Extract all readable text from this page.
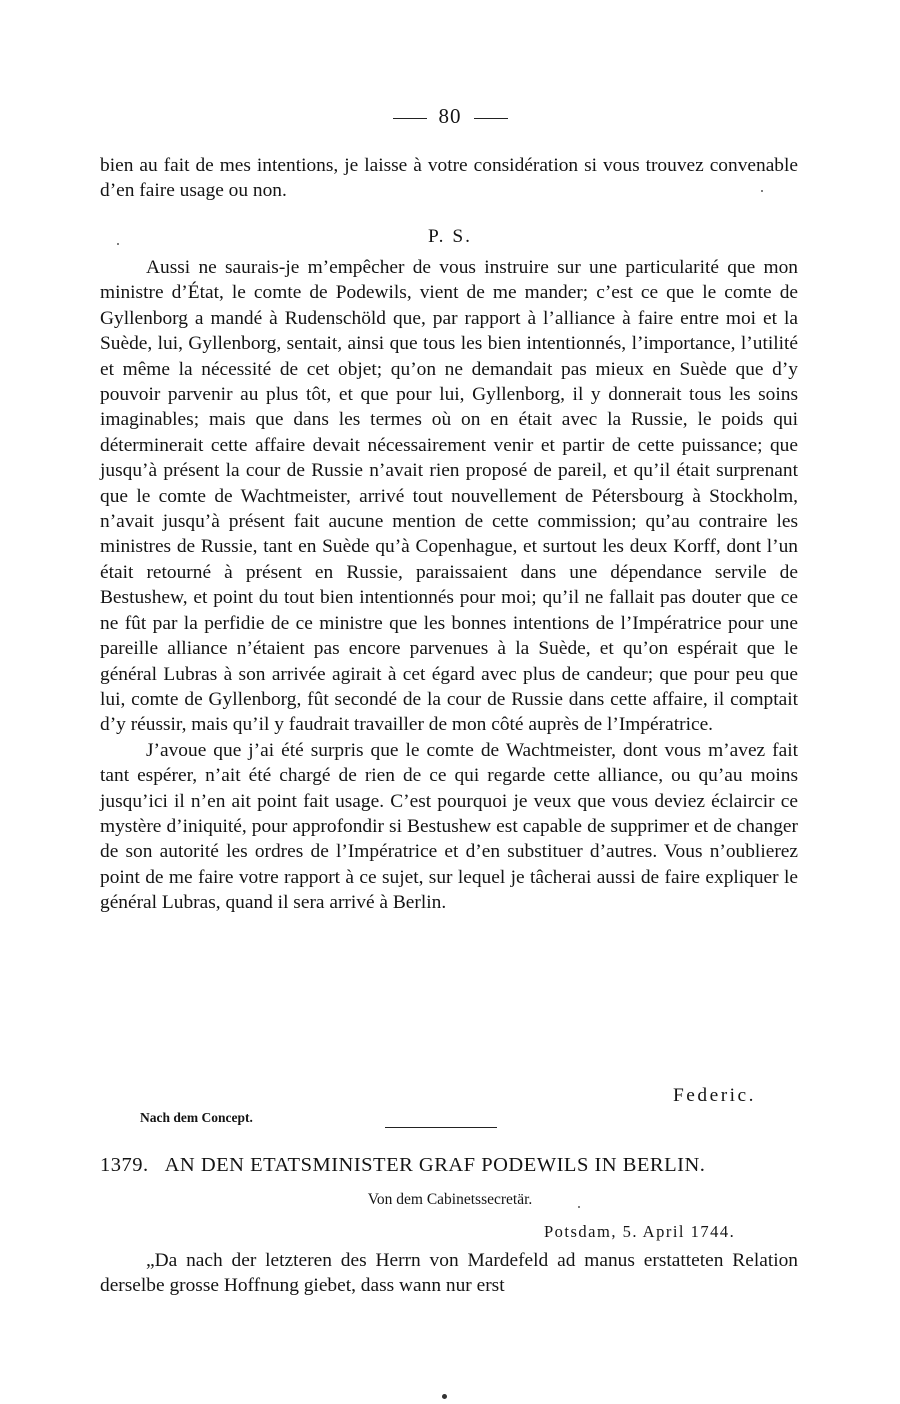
80

bien au fait de mes intentions, je laisse à votre considération si vous trouvez convenable d’en faire usage ou non.

P. S.

Aussi ne saurais-je m’empêcher de vous instruire sur une particularité que mon ministre d’État, le comte de Podewils, vient de me mander; c’est ce que le comte de Gyllenborg a mandé à Rudenschöld que, par rapport à l’alliance à faire entre moi et la Suède, lui, Gyllenborg, sentait, ainsi que tous les bien intentionnés, l’importance, l’utilité et même la nécessité de cet objet; qu’on ne demandait pas mieux en Suède que d’y pouvoir parvenir au plus tôt, et que pour lui, Gyllenborg, il y donnerait tous les soins imaginables; mais que dans les termes où on en était avec la Russie, le poids qui déterminerait cette affaire devait nécessairement venir et partir de cette puissance; que jusqu’à présent la cour de Russie n’avait rien proposé de pareil, et qu’il était surprenant que le comte de Wachtmeister, arrivé tout nouvellement de Pétersbourg à Stockholm, n’avait jusqu’à présent fait aucune mention de cette commission; qu’au contraire les ministres de Russie, tant en Suède qu’à Copenhague, et surtout les deux Korff, dont l’un était retourné à présent en Russie, paraissaient dans une dépendance servile de Bestushew, et point du tout bien intentionnés pour moi; qu’il ne fallait pas douter que ce ne fût par la perfidie de ce ministre que les bonnes intentions de l’Impératrice pour une pareille alliance n’étaient pas encore parvenues à la Suède, et qu’on espérait que le général Lubras à son arrivée agirait à cet égard avec plus de candeur; que pour peu que lui, comte de Gyllenborg, fût secondé de la cour de Russie dans cette affaire, il comptait d’y réussir, mais qu’il y faudrait travailler de mon côté auprès de l’Impératrice.

J’avoue que j’ai été surpris que le comte de Wachtmeister, dont vous m’avez fait tant espérer, n’ait été chargé de rien de ce qui regarde cette alliance, ou qu’au moins jusqu’ici il n’en ait point fait usage. C’est pourquoi je veux que vous deviez éclaircir ce mystère d’iniquité, pour approfondir si Bestushew est capable de supprimer et de changer de son autorité les ordres de l’Impératrice et d’en substituer d’autres. Vous n’oublierez point de me faire votre rapport à ce sujet, sur lequel je tâcherai aussi de faire expliquer le général Lubras, quand il sera arrivé à Berlin.

Federic.
Nach dem Concept.
1379. AN DEN ETATSMINISTER GRAF PODEWILS IN BERLIN.
Von dem Cabinetssecretär.
Potsdam, 5. April 1744.

„Da nach der letzteren des Herrn von Mardefeld ad manus erstatteten Relation derselbe grosse Hoffnung giebet, dass wann nur erst
